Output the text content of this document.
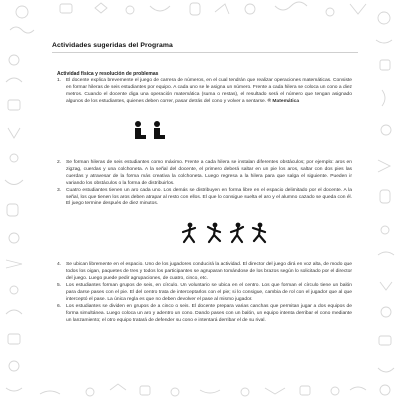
Actividades sugeridas del Programa
Actividad física y resolución de problemas
1.	El docente explica brevemente el juego de carrera de números, en el cual tendrán que realizar operaciones matemáticas. Consiste en formar hileras de seis estudiantes por equipo. A cada uno se le asigna un número. Frente a cada hilera se coloca un cono a diez metros. Cuando el docente diga una operación matemática (suma o restas), el resultado será el número que tengan asignado algunos de los estudiantes, quienes deben correr, pasar detrás del cono y volver a sentarse. ® Matemática
2.	Se forman hileras de seis estudiantes como máximo. Frente a cada hilera se instalan diferentes obstáculos; por ejemplo: aros en zigzag, cuerdas y una colchoneta. A la señal del docente, el primero deberá saltar en un pie los aros, saltar con dos pies las cuerdas y atravesar de la forma más creativa la colchoneta. Luego regresa a la hilera para que salga el siguiente. Pueden ir variando los obstáculos o la forma de distribuirlos.
3.	Cuatro estudiantes tienen un aro cada uno. Los demás se distribuyen en forma libre en el espacio delimitado por el docente. A la señal, los que tienen los aros deben atrapar al resto con ellos. El que lo consigue suelta el aro y el alumno cazado se queda con él. El juego termine después de diez minutos.
4.	Se ubican libremente en el espacio. Uno de los jugadores conducirá la actividad. El director del juego dirá en voz alta, de modo que todos los oigan, paquetes de tres y todos los participantes se agruparan tomándose de los brazos según lo solicitado por el director del juego. Luego puede pedir agrupaciones, de cuatro, cinco, etc.
5.	Los estudiantes forman grupos de seis, en círculo. Un voluntario se ubica en el centro. Los que forman el círculo tiene un balón para darse pases con el pie. El del centro trata de interceptarlos con el pie; si lo consigue, cambia de rol con el jugador que al que interceptó el pase. La única regla es que no deben devolver el pase al mismo jugador.
6.	Los estudiantes se dividen en grupos de a cinco o seis. El docente prepara varias canchas que permitan jugar a dos equipos de forma simultánea. Luego coloca un aro y adentro un cono. Dando pases con un balón, un equipo intenta derribar el cono mediante un lanzamiento; el otro equipo tratará de defender su cono e intentará derribar el de su rival.
